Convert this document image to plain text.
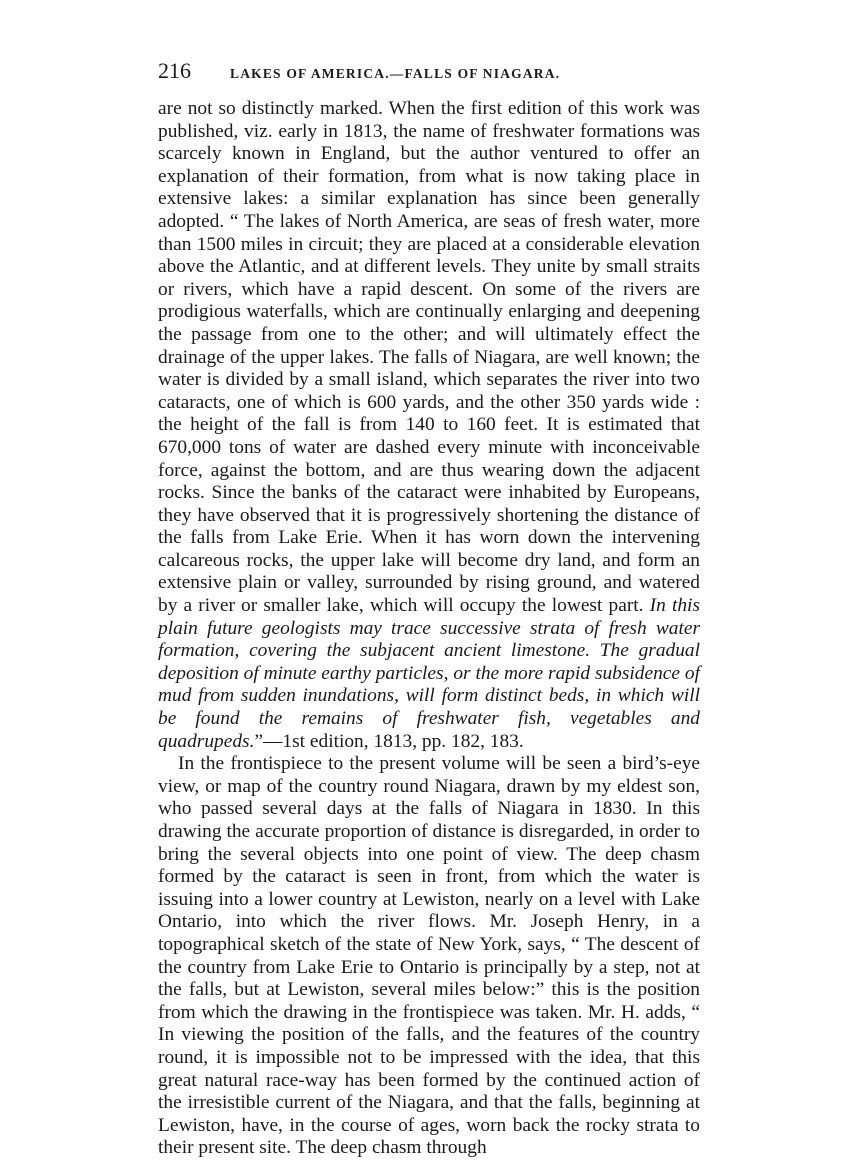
216	LAKES OF AMERICA.—FALLS OF NIAGARA.

are not so distinctly marked. When the first edition of this work was published, viz. early in 1813, the name of freshwater formations was scarcely known in England, but the author ventured to offer an explanation of their formation, from what is now taking place in extensive lakes: a similar explanation has since been generally adopted. “ The lakes of North America, are seas of fresh water, more than 1500 miles in circuit; they are placed at a considerable elevation above the Atlantic, and at different levels. They unite by small straits or rivers, which have a rapid descent. On some of the rivers are prodigious waterfalls, which are continually enlarging and deepening the passage from one to the other; and will ultimately effect the drainage of the upper lakes. The falls of Niagara, are well known; the water is divided by a small island, which separates the river into two cataracts, one of which is 600 yards, and the other 350 yards wide : the height of the fall is from 140 to 160 feet. It is estimated that 670,000 tons of water are dashed every minute with inconceivable force, against the bottom, and are thus wearing down the adjacent rocks. Since the banks of the cataract were inhabited by Europeans, they have observed that it is progressively shortening the distance of the falls from Lake Erie. When it has worn down the intervening calcareous rocks, the upper lake will become dry land, and form an extensive plain or valley, surrounded by rising ground, and watered by a river or smaller lake, which will occupy the lowest part. In this plain future geologists may trace successive strata of fresh water formation, covering the subjacent ancient limestone. The gradual deposition of minute earthy particles, or the more rapid subsidence of mud from sudden inundations, will form distinct beds, in which will be found the remains of freshwater fish, vegetables and quadrupeds.”—1st edition, 1813, pp. 182, 183.

In the frontispiece to the present volume will be seen a bird’s-eye view, or map of the country round Niagara, drawn by my eldest son, who passed several days at the falls of Niagara in 1830. In this drawing the accurate proportion of distance is disregarded, in order to bring the several objects into one point of view. The deep chasm formed by the cataract is seen in front, from which the water is issuing into a lower country at Lewiston, nearly on a level with Lake Ontario, into which the river flows. Mr. Joseph Henry, in a topographical sketch of the state of New York, says, “ The descent of the country from Lake Erie to Ontario is principally by a step, not at the falls, but at Lewiston, several miles below:” this is the position from which the drawing in the frontispiece was taken. Mr. H. adds, “ In viewing the position of the falls, and the features of the country round, it is impossible not to be impressed with the idea, that this great natural race-way has been formed by the continued action of the irresistible current of the Niagara, and that the falls, beginning at Lewiston, have, in the course of ages, worn back the rocky strata to their present site. The deep chasm through
